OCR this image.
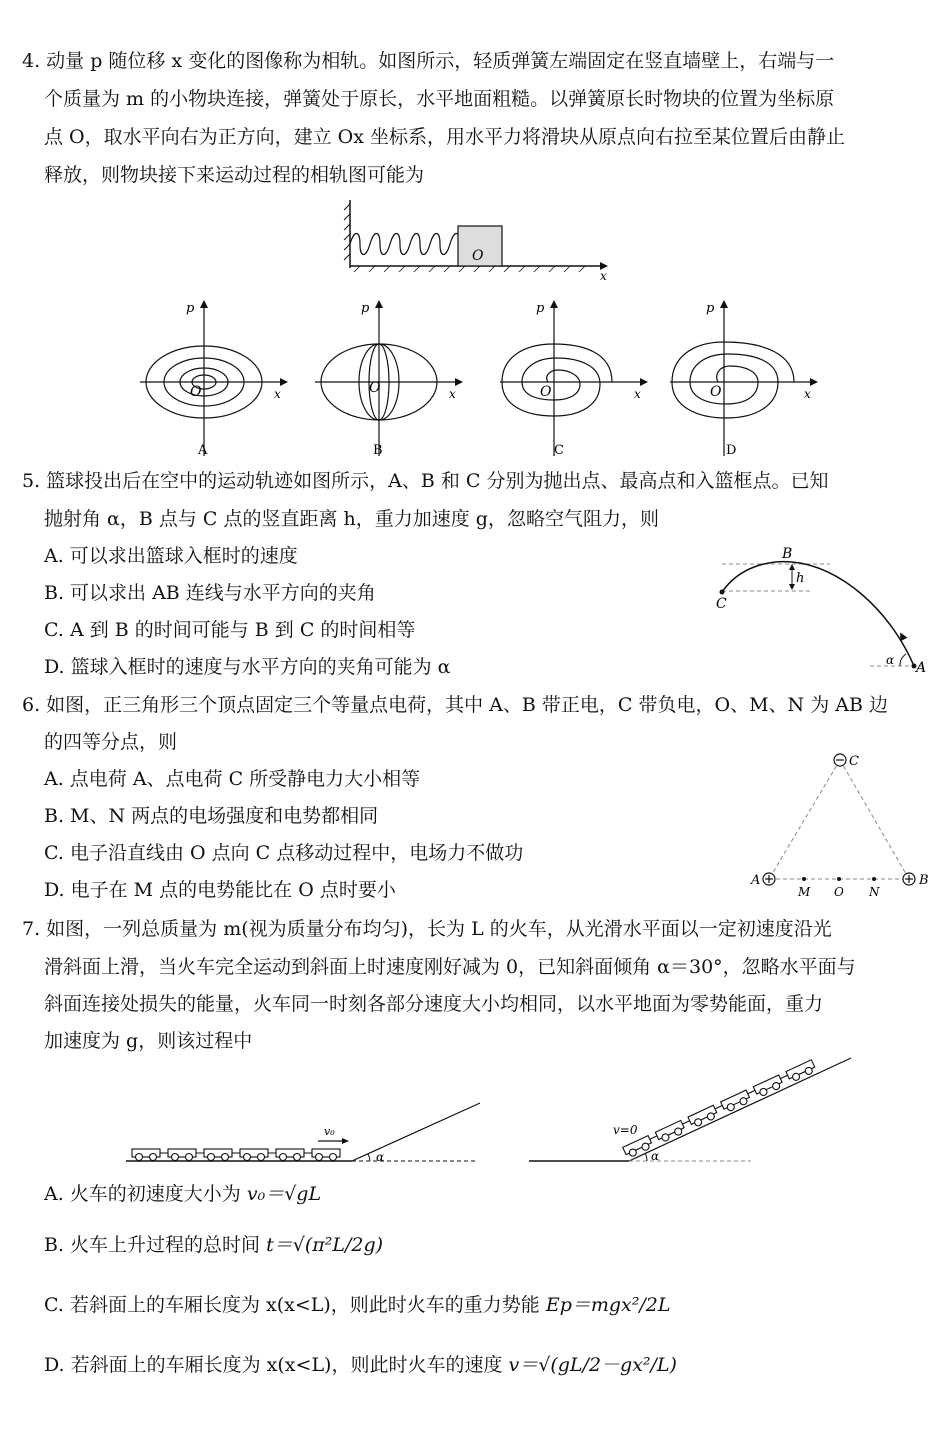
4. 动量 p 随位移 x 变化的图像称为相轨。如图所示，轻质弹簧左端固定在竖直墙壁上，右端与一
个质量为 m 的小物块连接，弹簧处于原长，水平地面粗糙。以弹簧原长时物块的位置为坐标原
点 O，取水平向右为正方向，建立 Ox 坐标系，用水平力将滑块从原点向右拉至某位置后由静止
释放，则物块接下来运动过程的相轨图可能为
O
x
p
x
O
A
p
x
O
B
p
x
O
C
p
x
O
D
5. 篮球投出后在空中的运动轨迹如图所示，A、B 和 C 分别为抛出点、最高点和入篮框点。已知
抛射角 α，B 点与 C 点的竖直距离 h，重力加速度 g，忽略空气阻力，则
A. 可以求出篮球入框时的速度
B. 可以求出 AB 连线与水平方向的夹角
C. A 到 B 的时间可能与 B 到 C 的时间相等
D. 篮球入框时的速度与水平方向的夹角可能为 α
B
C
A
h
α
6. 如图，正三角形三个顶点固定三个等量点电荷，其中 A、B 带正电，C 带负电，O、M、N 为 AB 边
的四等分点，则
A. 点电荷 A、点电荷 C 所受静电力大小相等
B. M、N 两点的电场强度和电势都相同
C. 电子沿直线由 O 点向 C 点移动过程中，电场力不做功
D. 电子在 M 点的电势能比在 O 点时要小
C
A	B
M O N
7. 如图，一列总质量为 m(视为质量分布均匀)，长为 L 的火车，从光滑水平面以一定初速度沿光
滑斜面上滑，当火车完全运动到斜面上时速度刚好减为 0，已知斜面倾角 α＝30°，忽略水平面与
斜面连接处损失的能量，火车同一时刻各部分速度大小均相同，以水平地面为零势能面，重力
加速度为 g，则该过程中
v₀
α
v=0
α
A. 火车的初速度大小为 v₀＝√gL
B. 火车上升过程的总时间 t＝√(π²L/2g)
C. 若斜面上的车厢长度为 x(x<L)，则此时火车的重力势能 Ep＝mgx²/2L
D. 若斜面上的车厢长度为 x(x<L)，则此时火车的速度 v＝√(gL/2－gx²/L)
